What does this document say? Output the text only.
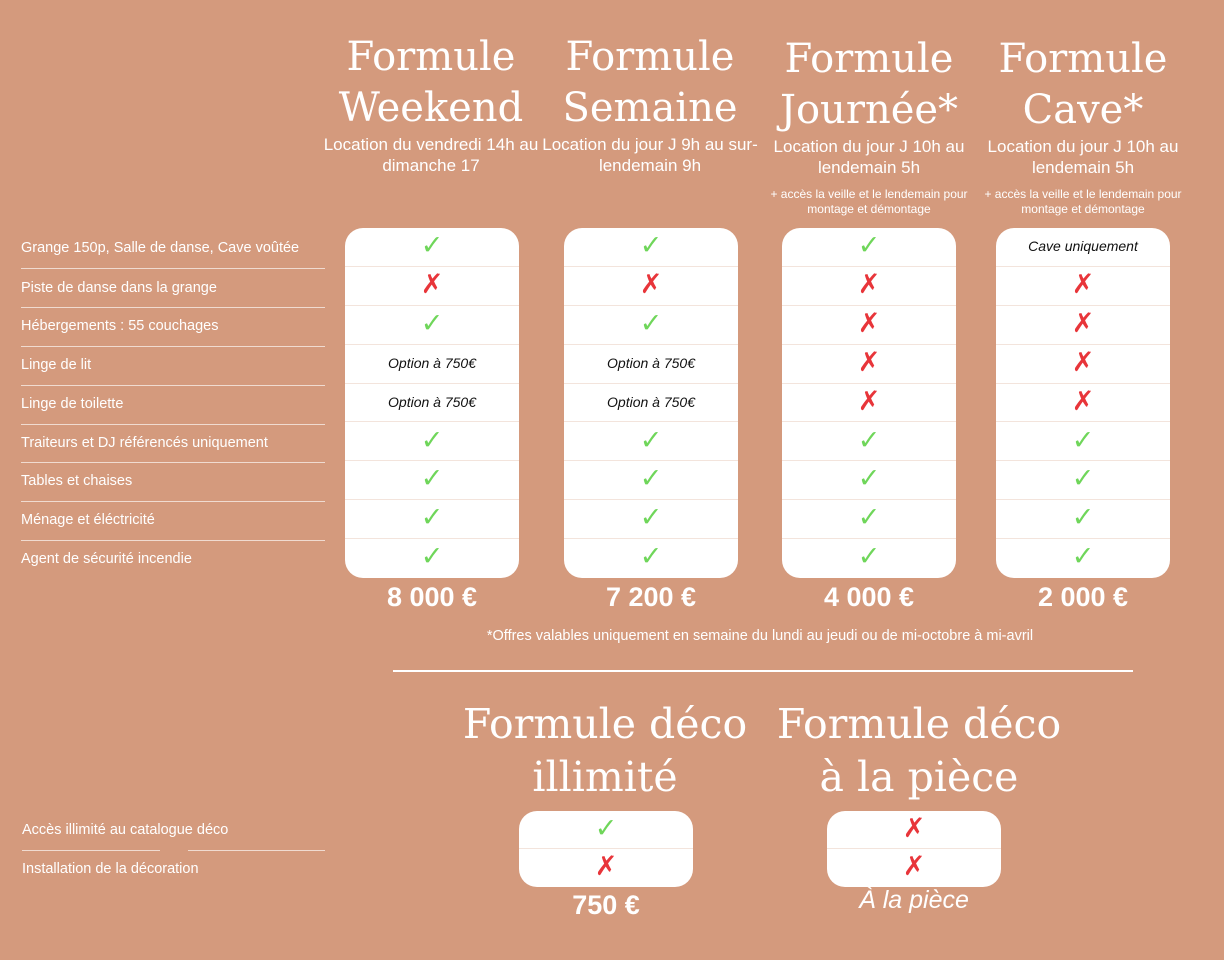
Grange 150p, Salle de danse, Cave voûtée
Piste de danse dans la grange
Hébergements : 55 couchages
Linge de lit
Linge de toilette
Traiteurs et DJ référencés uniquement
Tables et chaises
Ménage et éléctricité
Agent de sécurité incendie
Formule
Weekend
Location du vendredi 14h au dimanche 17
✓
✗
✓
Option à 750€
Option à 750€
✓
✓
✓
✓
8 000 €
Formule
Semaine
Location du jour J 9h au sur-lendemain 9h
✓
✗
✓
Option à 750€
Option à 750€
✓
✓
✓
✓
7 200 €
Formule
Journée*
Location du jour J 10h au lendemain 5h
+ accès la veille et le lendemain pour montage et démontage
✓
✗
✗
✗
✗
✓
✓
✓
✓
4 000 €
Formule
Cave*
Location du jour J 10h au lendemain 5h
+ accès la veille et le lendemain pour montage et démontage
Cave uniquement
✗
✗
✗
✗
✓
✓
✓
✓
2 000 €
*Offres valables uniquement en semaine du lundi au jeudi ou de mi-octobre à mi-avril
Accès illimité au catalogue déco
Installation de la décoration
Formule déco
illimité
✓
✗
750 €
Formule déco
à la pièce
✗
✗
À la pièce
